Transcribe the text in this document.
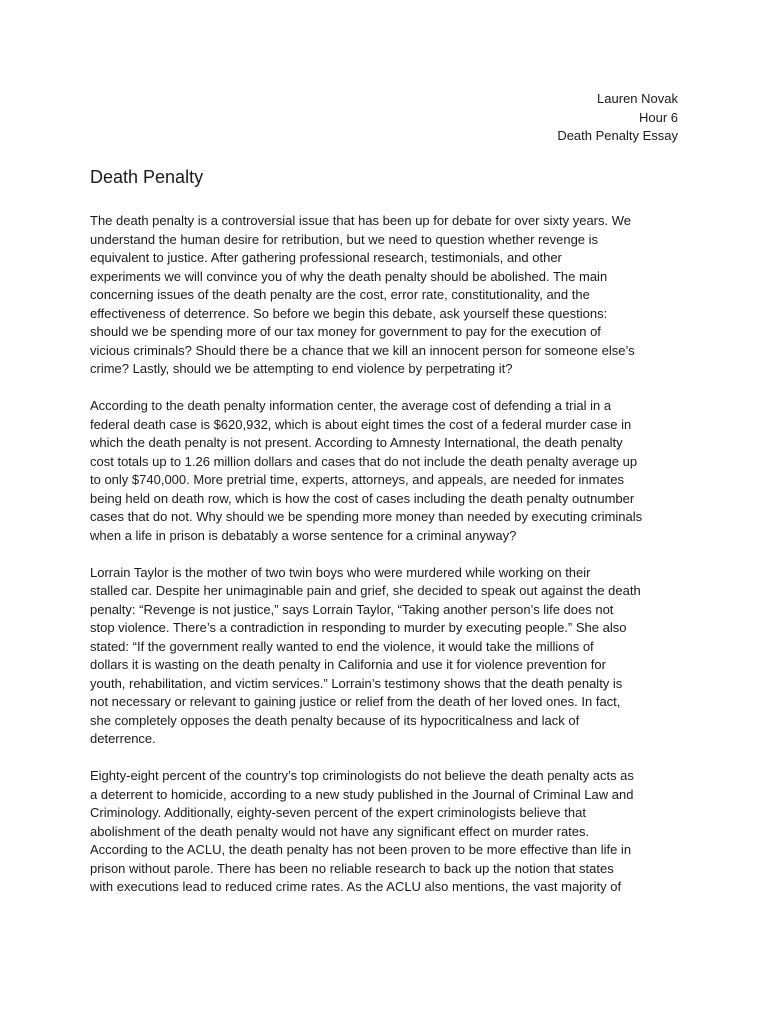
Lauren Novak
Hour 6
Death Penalty Essay
Death Penalty

The death penalty is a controversial issue that has been up for debate for over sixty years. We
understand the human desire for retribution, but we need to question whether revenge is
equivalent to justice. After gathering professional research, testimonials, and other
experiments we will convince you of why the death penalty should be abolished. The main
concerning issues of the death penalty are the cost, error rate, constitutionality, and the
effectiveness of deterrence. So before we begin this debate, ask yourself these questions:
should we be spending more of our tax money for government to pay for the execution of
vicious criminals? Should there be a chance that we kill an innocent person for someone else’s
crime? Lastly, should we be attempting to end violence by perpetrating it?

According to the death penalty information center, the average cost of defending a trial in a
federal death case is $620,932, which is about eight times the cost of a federal murder case in
which the death penalty is not present. According to Amnesty International, the death penalty
cost totals up to 1.26 million dollars and cases that do not include the death penalty average up
to only $740,000. More pretrial time, experts, attorneys, and appeals, are needed for inmates
being held on death row, which is how the cost of cases including the death penalty outnumber
cases that do not. Why should we be spending more money than needed by executing criminals
when a life in prison is debatably a worse sentence for a criminal anyway?

Lorrain Taylor is the mother of two twin boys who were murdered while working on their
stalled car. Despite her unimaginable pain and grief, she decided to speak out against the death
penalty: “Revenge is not justice,” says Lorrain Taylor, “Taking another person’s life does not
stop violence. There’s a contradiction in responding to murder by executing people.” She also
stated: “If the government really wanted to end the violence, it would take the millions of
dollars it is wasting on the death penalty in California and use it for violence prevention for
youth, rehabilitation, and victim services.” Lorrain’s testimony shows that the death penalty is
not necessary or relevant to gaining justice or relief from the death of her loved ones. In fact,
she completely opposes the death penalty because of its hypocriticalness and lack of
deterrence.

Eighty-eight percent of the country’s top criminologists do not believe the death penalty acts as
a deterrent to homicide, according to a new study published in the Journal of Criminal Law and
Criminology. Additionally, eighty-seven percent of the expert criminologists believe that
abolishment of the death penalty would not have any significant effect on murder rates.
According to the ACLU, the death penalty has not been proven to be more effective than life in
prison without parole. There has been no reliable research to back up the notion that states
with executions lead to reduced crime rates. As the ACLU also mentions, the vast majority of
